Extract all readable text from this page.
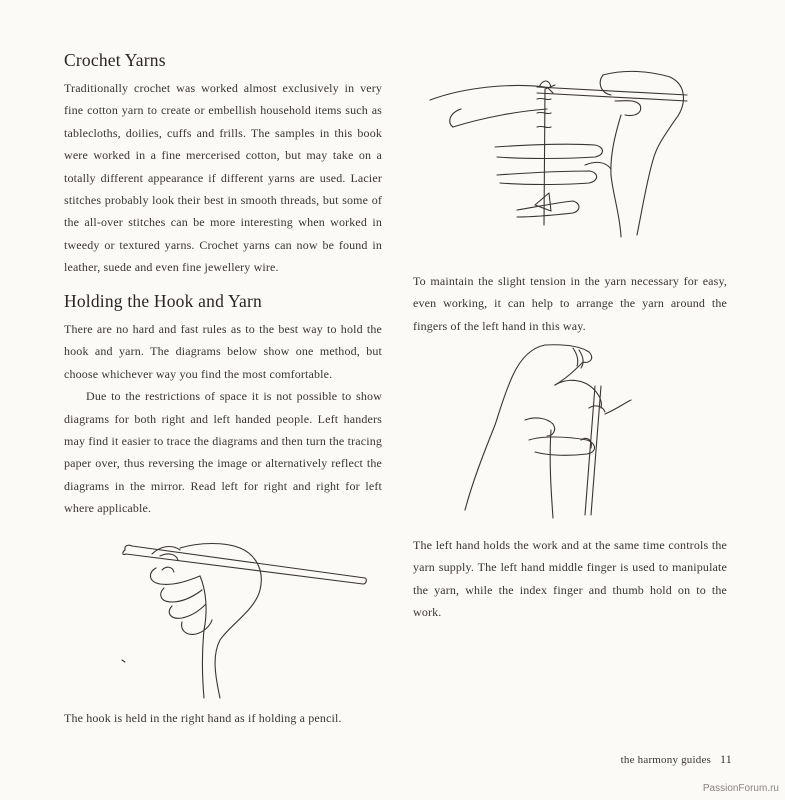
Crochet Yarns

Traditionally crochet was worked almost exclusively in very fine cotton yarn to create or embellish household items such as tablecloths, doilies, cuffs and frills. The samples in this book were worked in a fine mercerised cotton, but may take on a totally different appearance if different yarns are used. Lacier stitches probably look their best in smooth threads, but some of the all-over stitches can be more interesting when worked in tweedy or textured yarns. Crochet yarns can now be found in leather, suede and even fine jewellery wire.

Holding the Hook and Yarn

There are no hard and fast rules as to the best way to hold the hook and yarn. The diagrams below show one method, but choose whichever way you find the most comfortable.

Due to the restrictions of space it is not possible to show diagrams for both right and left handed people. Left handers may find it easier to trace the diagrams and then turn the tracing paper over, thus reversing the image or alternatively reflect the diagrams in the mirror. Read left for right and right for left where applicable.

To maintain the slight tension in the yarn necessary for easy, even working, it can help to arrange the yarn around the fingers of the left hand in this way.
The left hand holds the work and at the same time controls the yarn supply. The left hand middle finger is used to manipulate the yarn, while the index finger and thumb hold on to the work.
The hook is held in the right hand as if holding a pencil.
the harmony guides 11
PassionForum.ru
